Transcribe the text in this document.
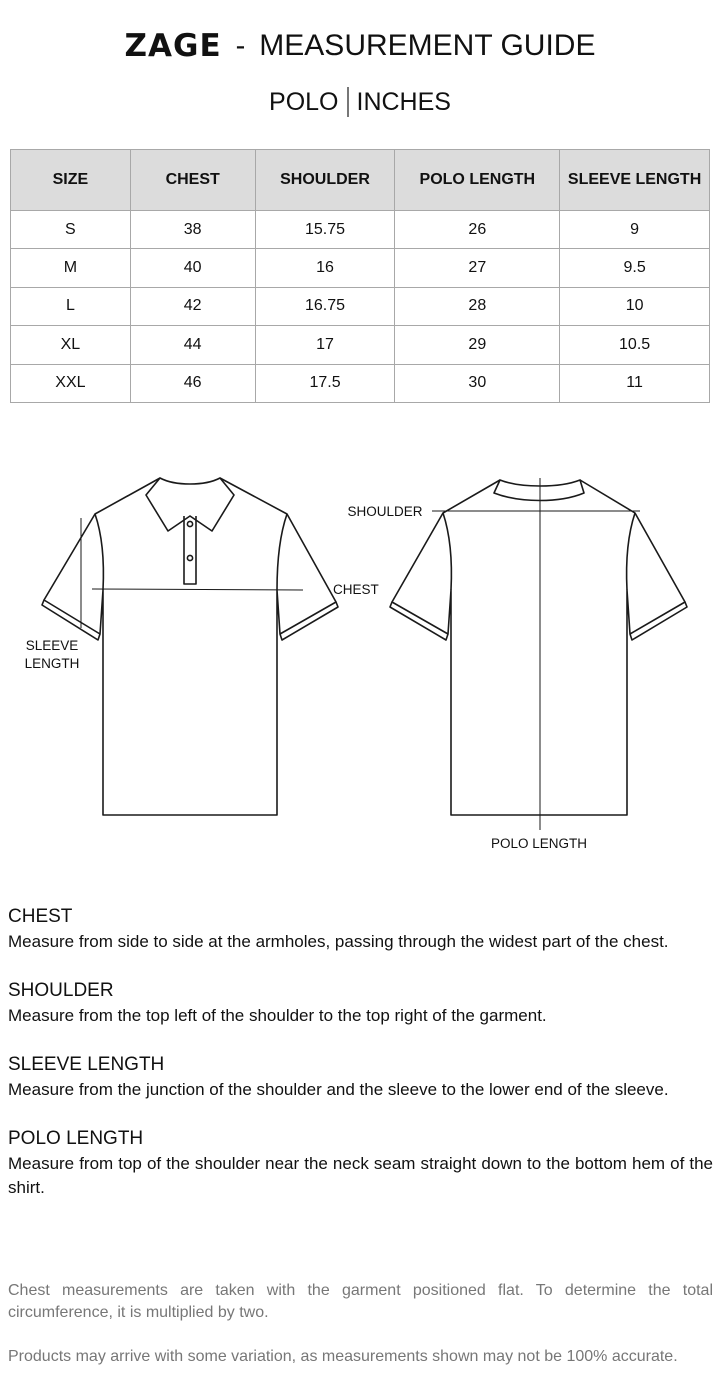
ZAGE - MEASUREMENT GUIDE
POLO INCHES
SIZE	CHEST	SHOULDER	POLO LENGTH	SLEEVE LENGTH
S	38	15.75	26	9
M	40	16	27	9.5
L	42	16.75	28	10
XL	44	17	29	10.5
XXL	46	17.5	30	11
CHEST
SLEEVE
LENGTH
SHOULDER
POLO LENGTH
CHEST
Measure from side to side at the armholes, passing through the widest part of the chest.
SHOULDER
Measure from the top left of the shoulder to the top right of the garment.
SLEEVE LENGTH
Measure from the junction of the shoulder and the sleeve to the lower end of the sleeve.
POLO LENGTH
Measure from top of the shoulder near the neck seam straight down to the bottom hem of the shirt.

Chest measurements are taken with the garment positioned flat. To determine the total circumference, it is multiplied by two.

Products may arrive with some variation, as measurements shown may not be 100% accurate.
